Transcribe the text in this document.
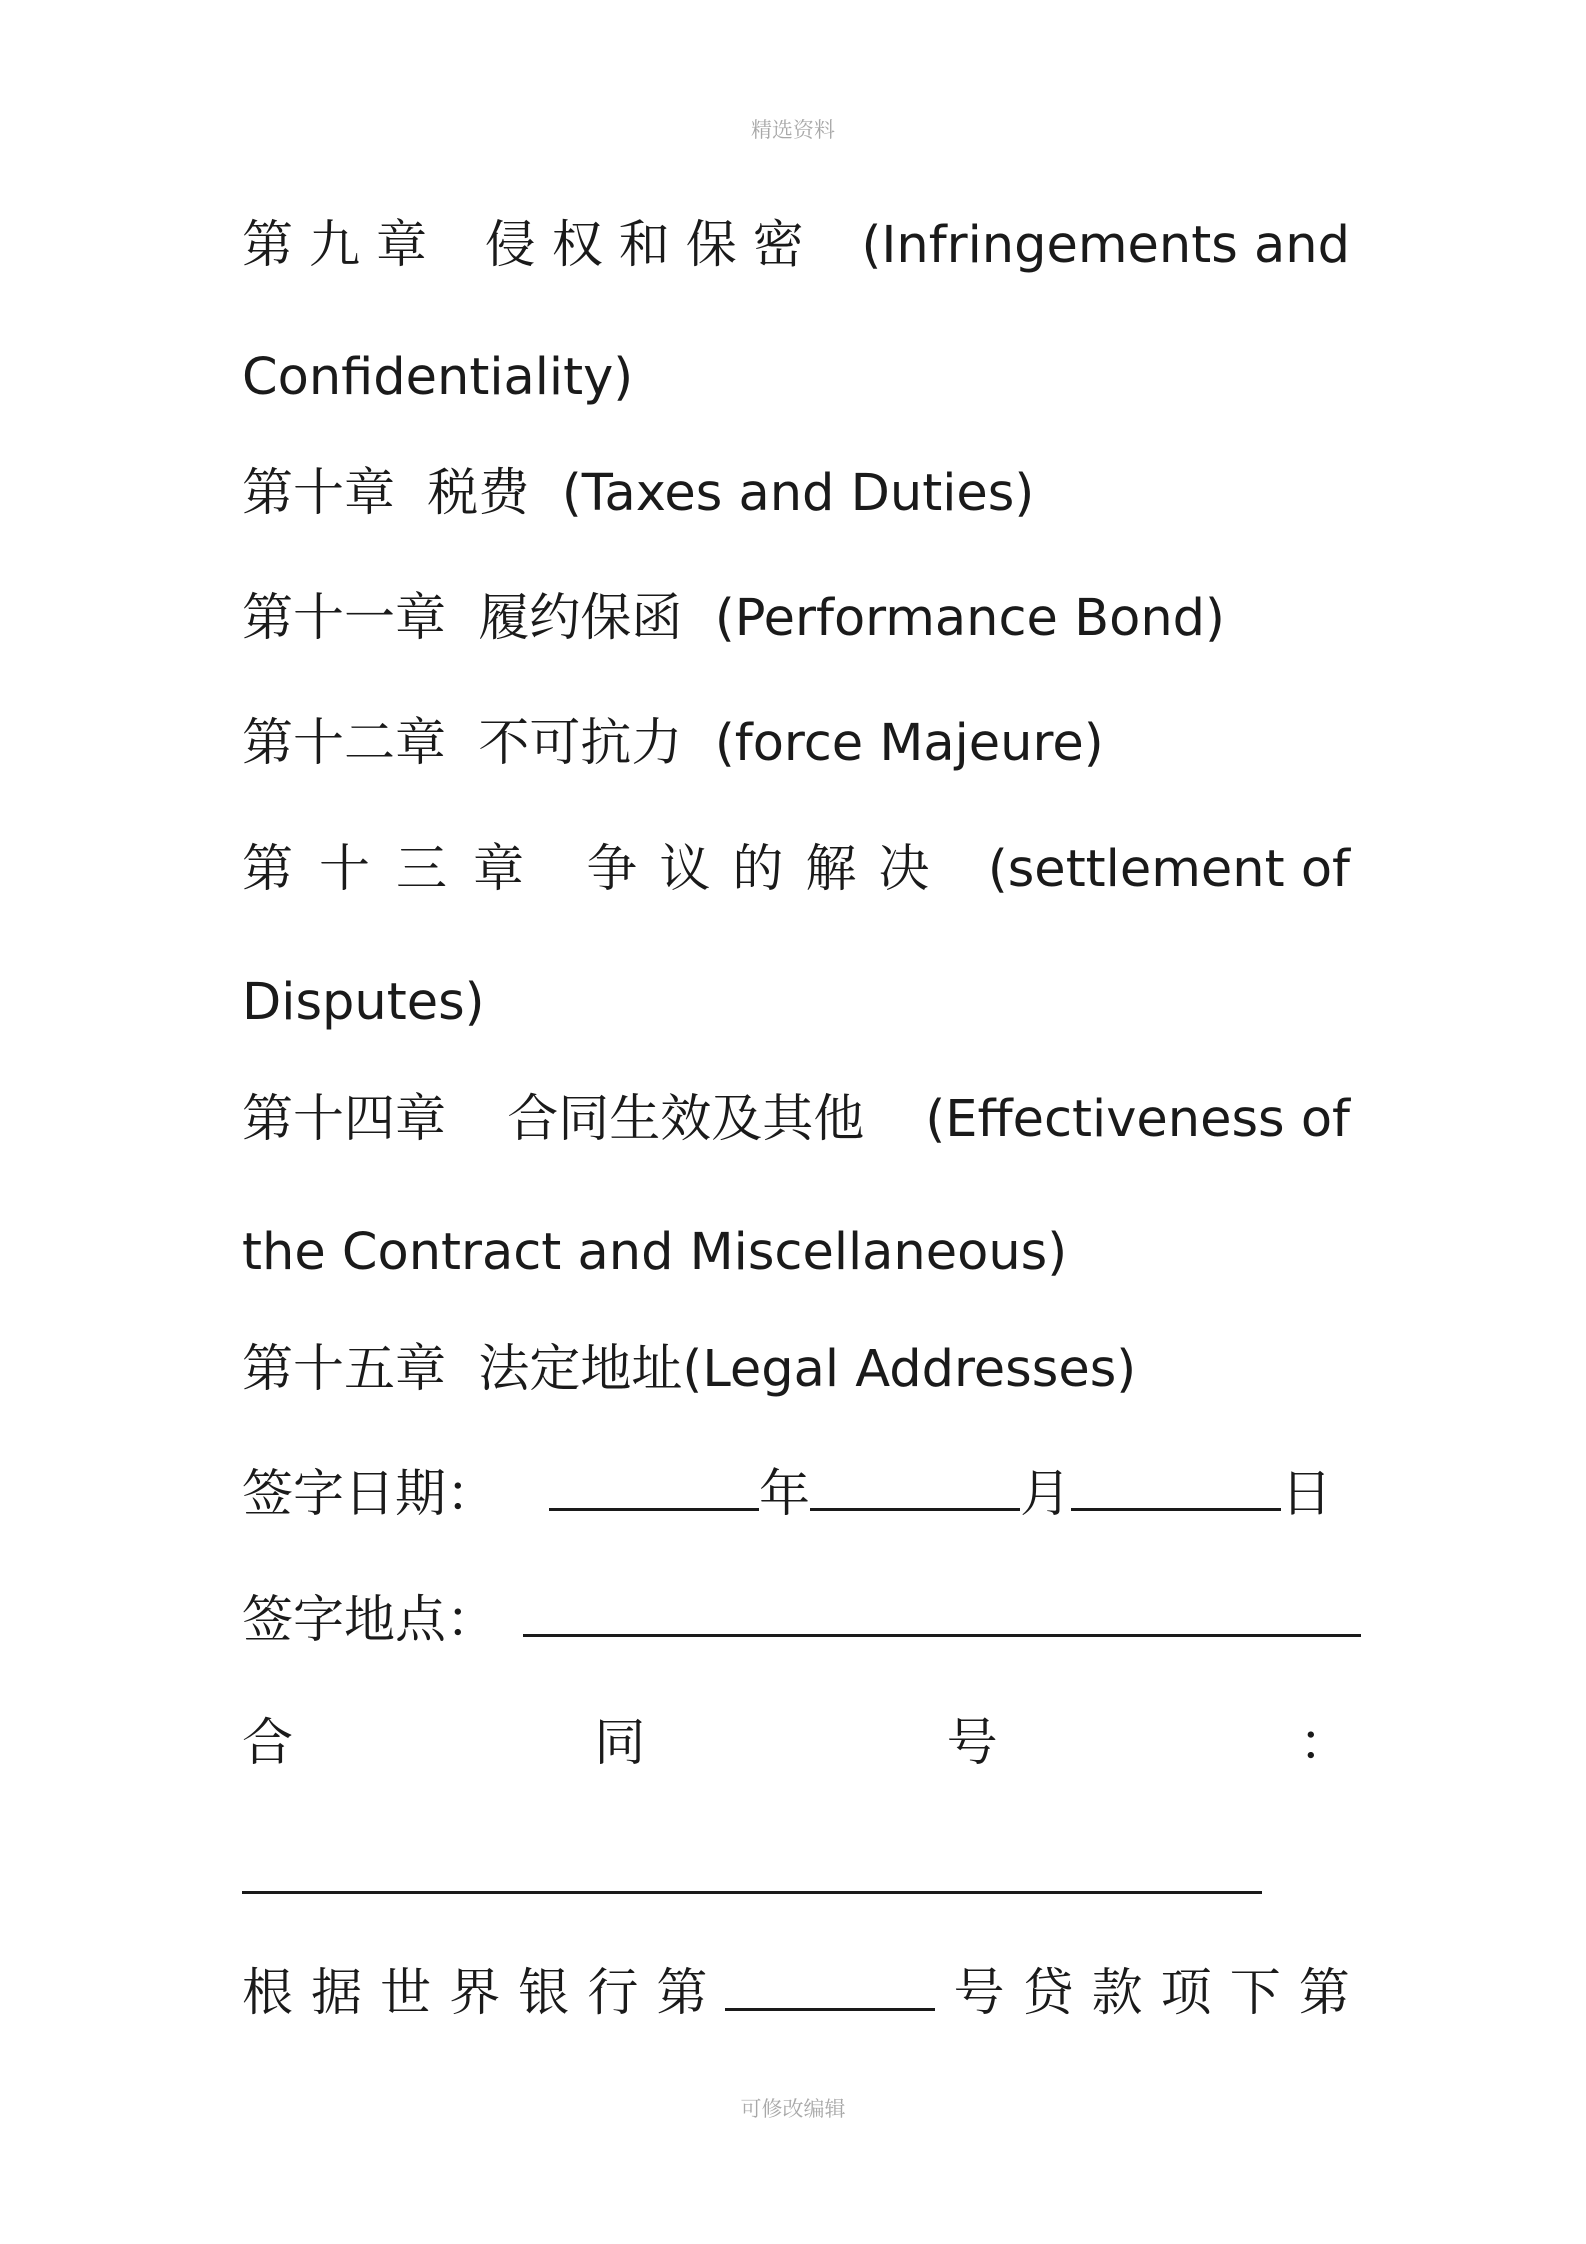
精选资料
第九章 侵权和保密 (Infringements and
Confidentiality)
第十章  税费  (Taxes and Duties)
第十一章  履约保函  (Performance Bond)
第十二章  不可抗力  (force Majeure)
第十三章 争议的解决 (settlement of
Disputes)
第十四章 合同生效及其他 (Effectiveness of
the Contract and Miscellaneous)
第十五章  法定地址(Legal Addresses)
签字日期：	年	月	日
签字地点：
合	同	号	：
根 据 世 界 银 行 第	号 贷 款 项 下 第
可修改编辑
